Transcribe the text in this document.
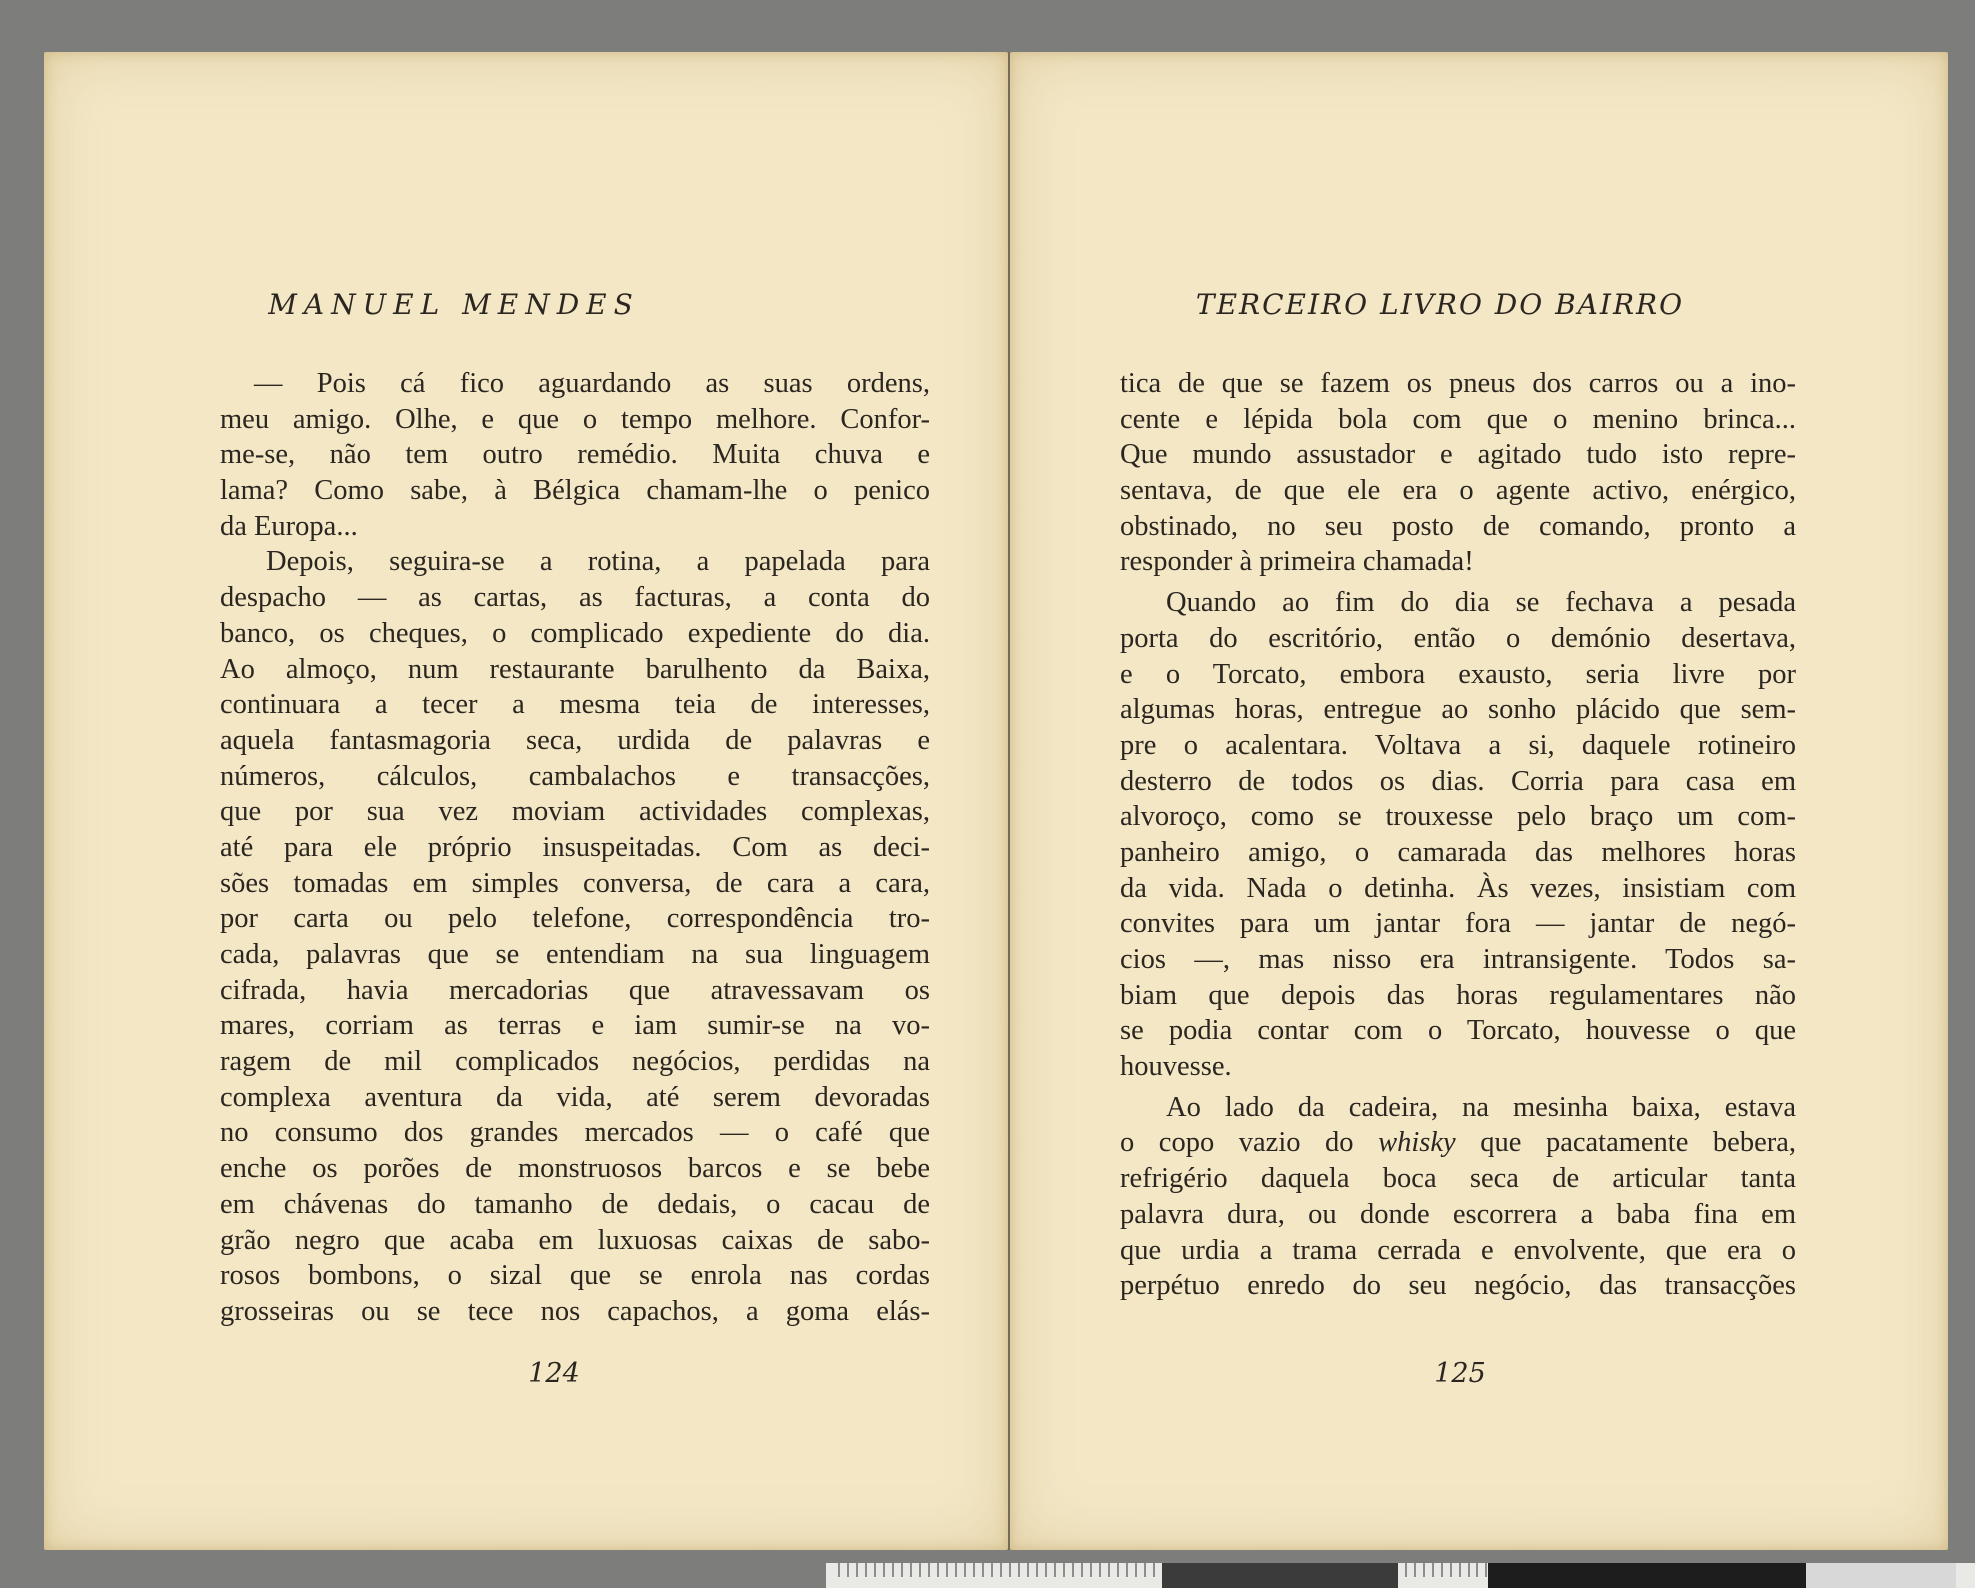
MANUEL MENDES
— Pois cá fico aguardando as suas ordens,
meu amigo. Olhe, e que o tempo melhore. Confor-
me-se, não tem outro remédio. Muita chuva e
lama? Como sabe, à Bélgica chamam-lhe o penico
da Europa...
Depois, seguira-se a rotina, a papelada para
despacho — as cartas, as facturas, a conta do
banco, os cheques, o complicado expediente do dia.
Ao almoço, num restaurante barulhento da Baixa,
continuara a tecer a mesma teia de interesses,
aquela fantasmagoria seca, urdida de palavras e
números, cálculos, cambalachos e transacções,
que por sua vez moviam actividades complexas,
até para ele próprio insuspeitadas. Com as deci-
sões tomadas em simples conversa, de cara a cara,
por carta ou pelo telefone, correspondência tro-
cada, palavras que se entendiam na sua linguagem
cifrada, havia mercadorias que atravessavam os
mares, corriam as terras e iam sumir-se na vo-
ragem de mil complicados negócios, perdidas na
complexa aventura da vida, até serem devoradas
no consumo dos grandes mercados — o café que
enche os porões de monstruosos barcos e se bebe
em chávenas do tamanho de dedais, o cacau de
grão negro que acaba em luxuosas caixas de sabo-
rosos bombons, o sizal que se enrola nas cordas
grosseiras ou se tece nos capachos, a goma elás-
124
TERCEIRO LIVRO DO BAIRRO
tica de que se fazem os pneus dos carros ou a ino-
cente e lépida bola com que o menino brinca...
Que mundo assustador e agitado tudo isto repre-
sentava, de que ele era o agente activo, enérgico,
obstinado, no seu posto de comando, pronto a
responder à primeira chamada!
Quando ao fim do dia se fechava a pesada
porta do escritório, então o demónio desertava,
e o Torcato, embora exausto, seria livre por
algumas horas, entregue ao sonho plácido que sem-
pre o acalentara. Voltava a si, daquele rotineiro
desterro de todos os dias. Corria para casa em
alvoroço, como se trouxesse pelo braço um com-
panheiro amigo, o camarada das melhores horas
da vida. Nada o detinha. Às vezes, insistiam com
convites para um jantar fora — jantar de negó-
cios —, mas nisso era intransigente. Todos sa-
biam que depois das horas regulamentares não
se podia contar com o Torcato, houvesse o que
houvesse.
Ao lado da cadeira, na mesinha baixa, estava
o copo vazio do whisky que pacatamente bebera,
refrigério daquela boca seca de articular tanta
palavra dura, ou donde escorrera a baba fina em
que urdia a trama cerrada e envolvente, que era o
perpétuo enredo do seu negócio, das transacções
125
